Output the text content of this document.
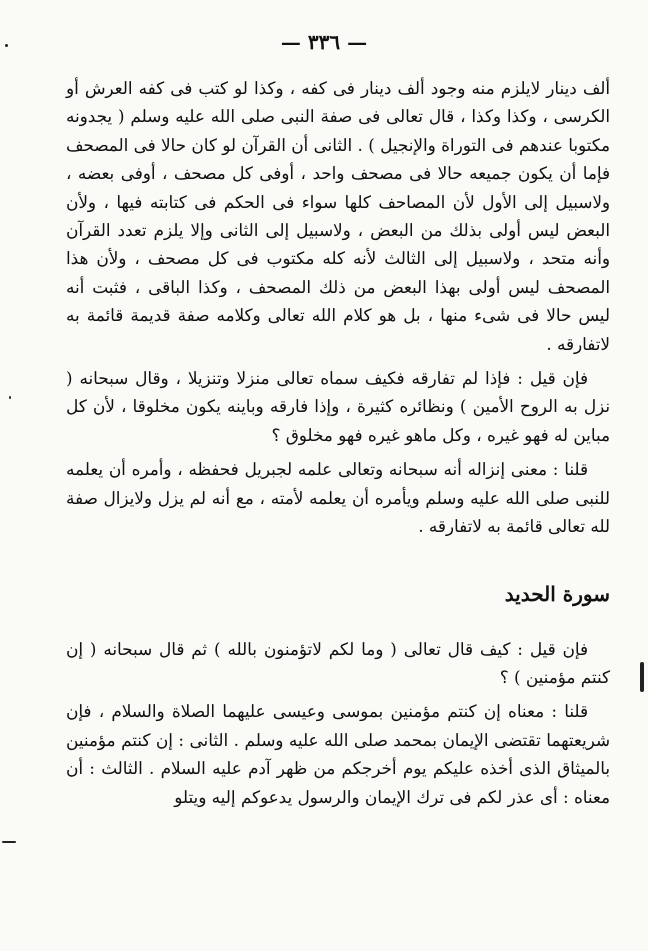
— ٣٣٦ —

ألف دينار لايلزم منه وجود ألف دينار فى كفه ، وكذا لو كتب فى كفه العرش أو الكرسى ، وكذا وكذا ، قال تعالى فى صفة النبى صلى الله عليه وسلم ( يجدونه مكتوبا عندهم فى التوراة والإنجيل ) . الثانى أن القرآن لو كان حالا فى المصحف فإما أن يكون جميعه حالا فى مصحف واحد ، أوفى كل مصحف ، أوفى بعضه ، ولاسبيل إلى الأول لأن المصاحف كلها سواء فى الحكم فى كتابته فيها ، ولأن البعض ليس أولى بذلك من البعض ، ولاسبيل إلى الثانى وإلا يلزم تعدد القرآن وأنه متحد ، ولاسبيل إلى الثالث لأنه كله مكتوب فى كل مصحف ، ولأن هذا المصحف ليس أولى بهذا البعض من ذلك المصحف ، وكذا الباقى ، فثبت أنه ليس حالا فى شىء منها ، بل هو كلام الله تعالى وكلامه صفة قديمة قائمة به لاتفارقه .

فإن قيل : فإذا لم تفارقه فكيف سماه تعالى منزلا وتنزيلا ، وقال سبحانه ( نزل به الروح الأمين ) ونظائره كثيرة ، وإذا فارقه وباينه يكون مخلوقا ، لأن كل مباين له فهو غيره ، وكل ماهو غيره فهو مخلوق ؟

قلنا : معنى إنزاله أنه سبحانه وتعالى علمه لجبريل فحفظه ، وأمره أن يعلمه للنبى صلى الله عليه وسلم ويأمره أن يعلمه لأمته ، مع أنه لم يزل ولايزال صفة لله تعالى قائمة به لاتفارقه .

سورة الحديد

فإن قيل : كيف قال تعالى ( وما لكم لاتؤمنون بالله ) ثم قال سبحانه ( إن كنتم مؤمنين ) ؟

قلنا : معناه إن كنتم مؤمنين بموسى وعيسى عليهما الصلاة والسلام ، فإن شريعتهما تقتضى الإيمان بمحمد صلى الله عليه وسلم . الثانى : إن كنتم مؤمنين بالميثاق الذى أخذه عليكم يوم أخرجكم من ظهر آدم عليه السلام . الثالث : أن معناه : أى عذر لكم فى ترك الإيمان والرسول يدعوكم إليه ويتلو
